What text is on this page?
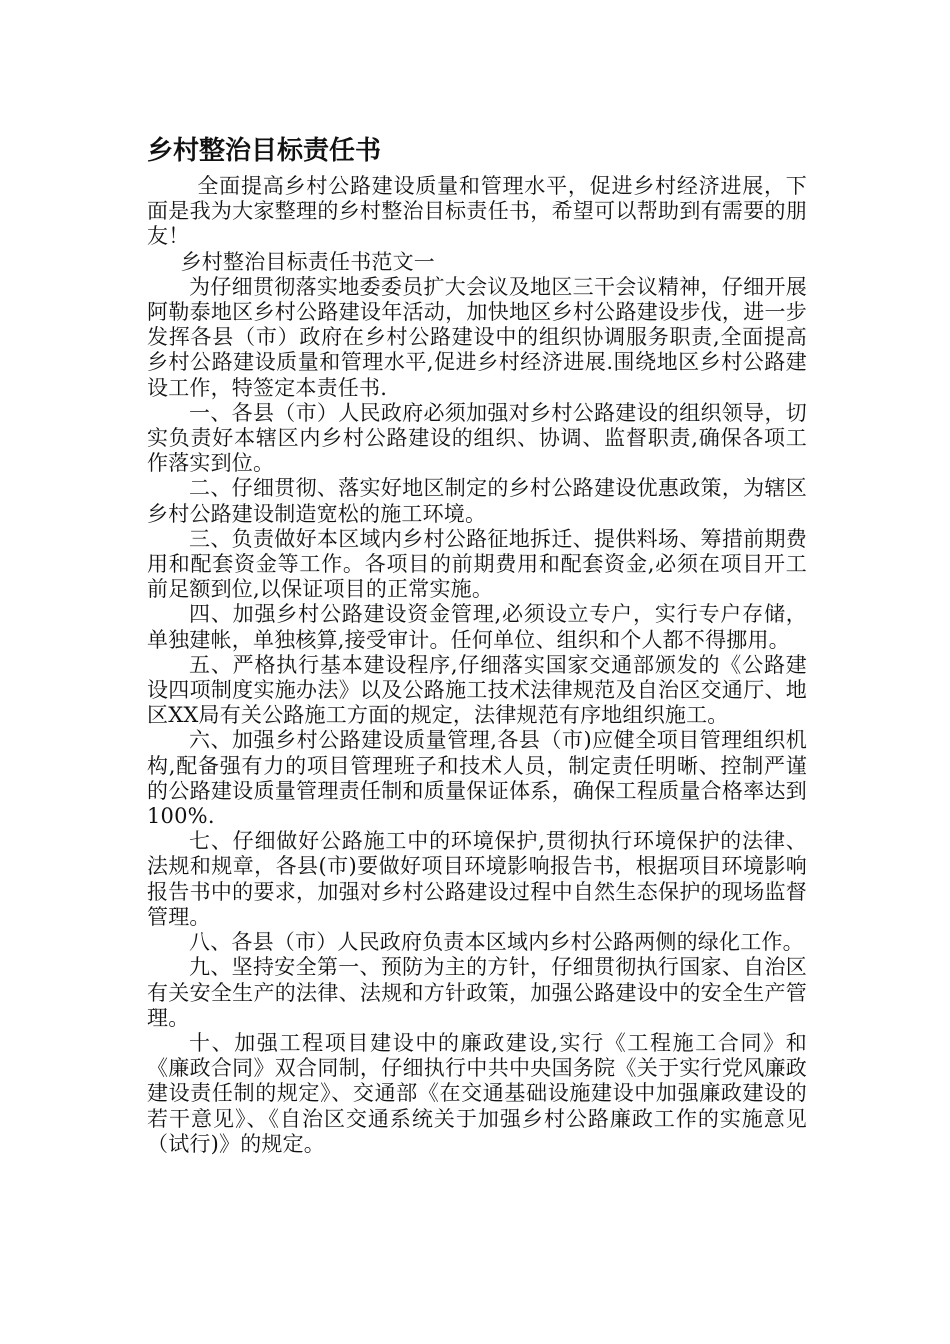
乡村整治目标责任书

全面提高乡村公路建设质量和管理水平，促进乡村经济进展，下面是我为大家整理的乡村整治目标责任书，希望可以帮助到有需要的朋友！

乡村整治目标责任书范文一

为仔细贯彻落实地委委员扩大会议及地区三干会议精神，仔细开展阿勒泰地区乡村公路建设年活动，加快地区乡村公路建设步伐，进一步发挥各县（市）政府在乡村公路建设中的组织协调服务职责,全面提高乡村公路建设质量和管理水平,促进乡村经济进展.围绕地区乡村公路建设工作，特签定本责任书.

一、各县（市）人民政府必须加强对乡村公路建设的组织领导，切实负责好本辖区内乡村公路建设的组织、协调、监督职责,确保各项工作落实到位。

二、仔细贯彻、落实好地区制定的乡村公路建设优惠政策，为辖区乡村公路建设制造宽松的施工环境。

三、负责做好本区域内乡村公路征地拆迁、提供料场、筹措前期费用和配套资金等工作。各项目的前期费用和配套资金,必须在项目开工前足额到位,以保证项目的正常实施。

四、加强乡村公路建设资金管理,必须设立专户，实行专户存储，单独建帐，单独核算,接受审计。任何单位、组织和个人都不得挪用。

五、严格执行基本建设程序,仔细落实国家交通部颁发的《公路建设四项制度实施办法》以及公路施工技术法律规范及自治区交通厅、地区XX局有关公路施工方面的规定，法律规范有序地组织施工。

六、加强乡村公路建设质量管理,各县（市)应健全项目管理组织机构,配备强有力的项目管理班子和技术人员，制定责任明晰、控制严谨的公路建设质量管理责任制和质量保证体系，确保工程质量合格率达到100%.

七、仔细做好公路施工中的环境保护,贯彻执行环境保护的法律、法规和规章，各县(市)要做好项目环境影响报告书，根据项目环境影响报告书中的要求，加强对乡村公路建设过程中自然生态保护的现场监督管理。

八、各县（市）人民政府负责本区域内乡村公路两侧的绿化工作。

九、坚持安全第一、预防为主的方针，仔细贯彻执行国家、自治区有关安全生产的法律、法规和方针政策，加强公路建设中的安全生产管理。

十、加强工程项目建设中的廉政建设,实行《工程施工合同》和《廉政合同》双合同制，仔细执行中共中央国务院《关于实行党风廉政建设责任制的规定》、交通部《在交通基础设施建设中加强廉政建设的若干意见》、《自治区交通系统关于加强乡村公路廉政工作的实施意见（试行)》的规定。
